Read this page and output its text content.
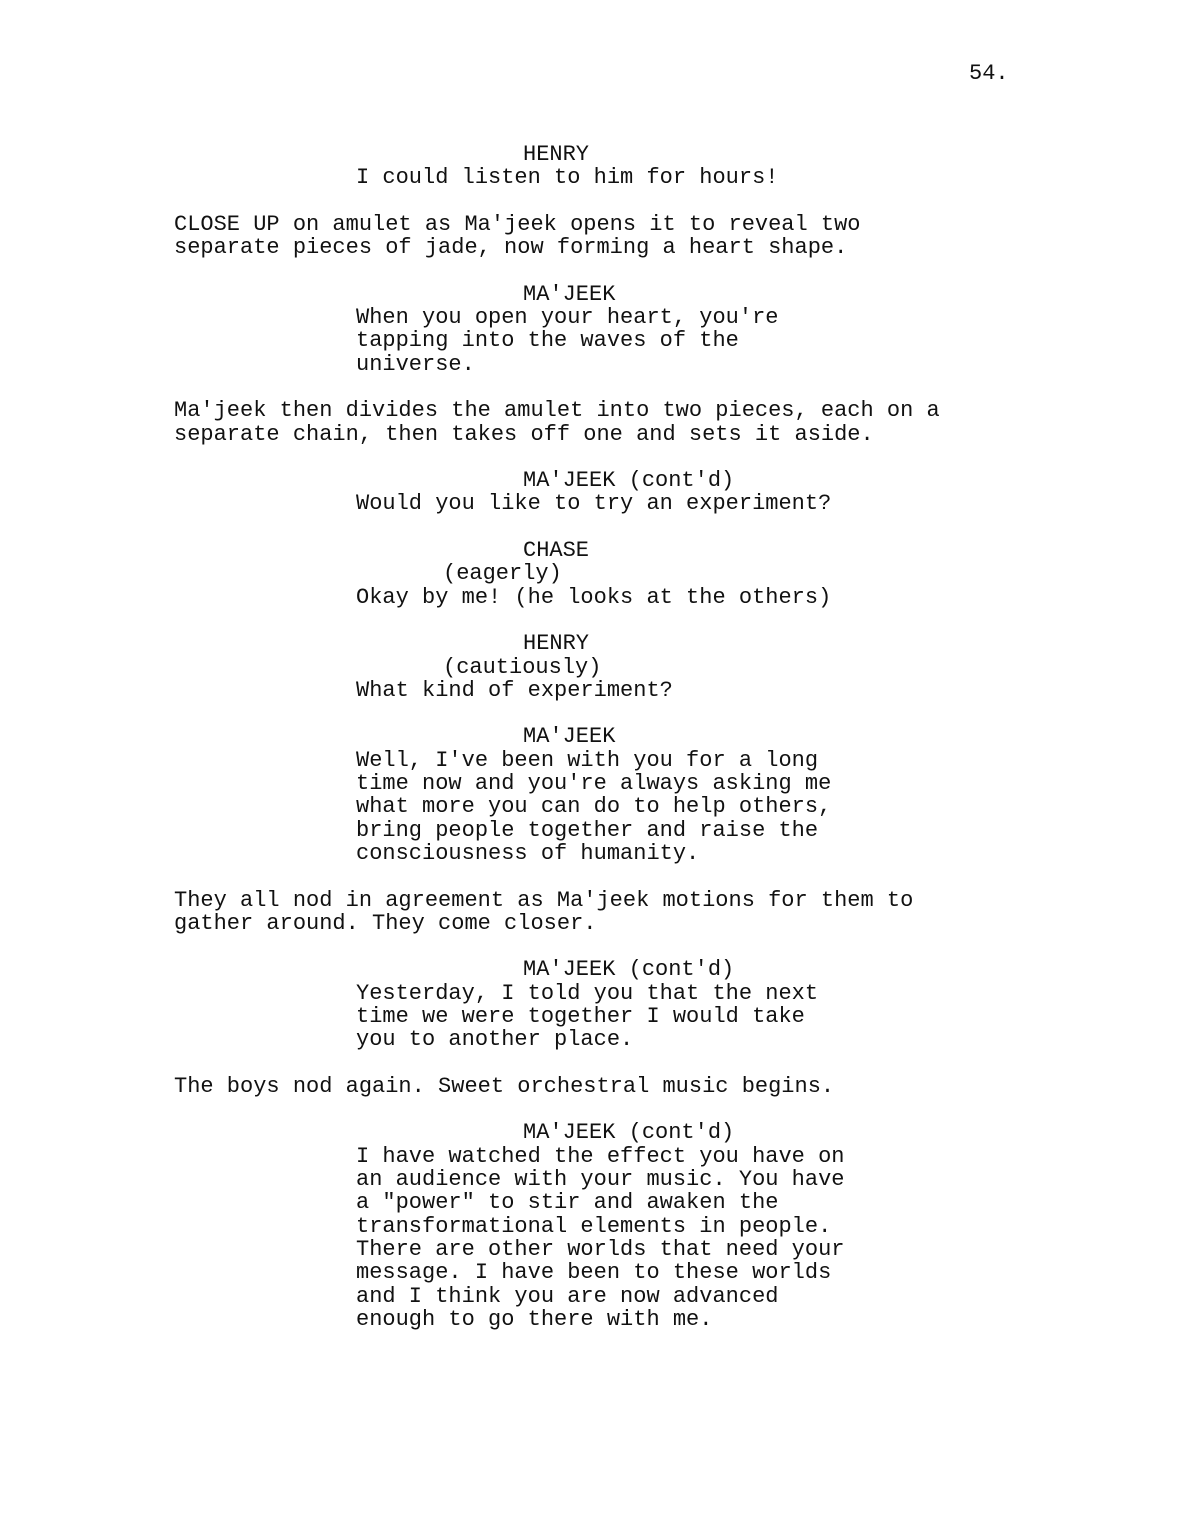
54.
HENRY
I could listen to him for hours!
CLOSE UP on amulet as Ma'jeek opens it to reveal two
separate pieces of jade, now forming a heart shape.
MA'JEEK
When you open your heart, you're
tapping into the waves of the
universe.
Ma'jeek then divides the amulet into two pieces, each on a
separate chain, then takes off one and sets it aside.
MA'JEEK (cont'd)
Would you like to try an experiment?
CHASE
(eagerly)
Okay by me! (he looks at the others)
HENRY
(cautiously)
What kind of experiment?
MA'JEEK
Well, I've been with you for a long
time now and you're always asking me
what more you can do to help others,
bring people together and raise the
consciousness of humanity.
They all nod in agreement as Ma'jeek motions for them to
gather around. They come closer.
MA'JEEK (cont'd)
Yesterday, I told you that the next
time we were together I would take
you to another place.
The boys nod again. Sweet orchestral music begins.
MA'JEEK (cont'd)
I have watched the effect you have on
an audience with your music. You have
a "power" to stir and awaken the
transformational elements in people.
There are other worlds that need your
message. I have been to these worlds
and I think you are now advanced
enough to go there with me.
